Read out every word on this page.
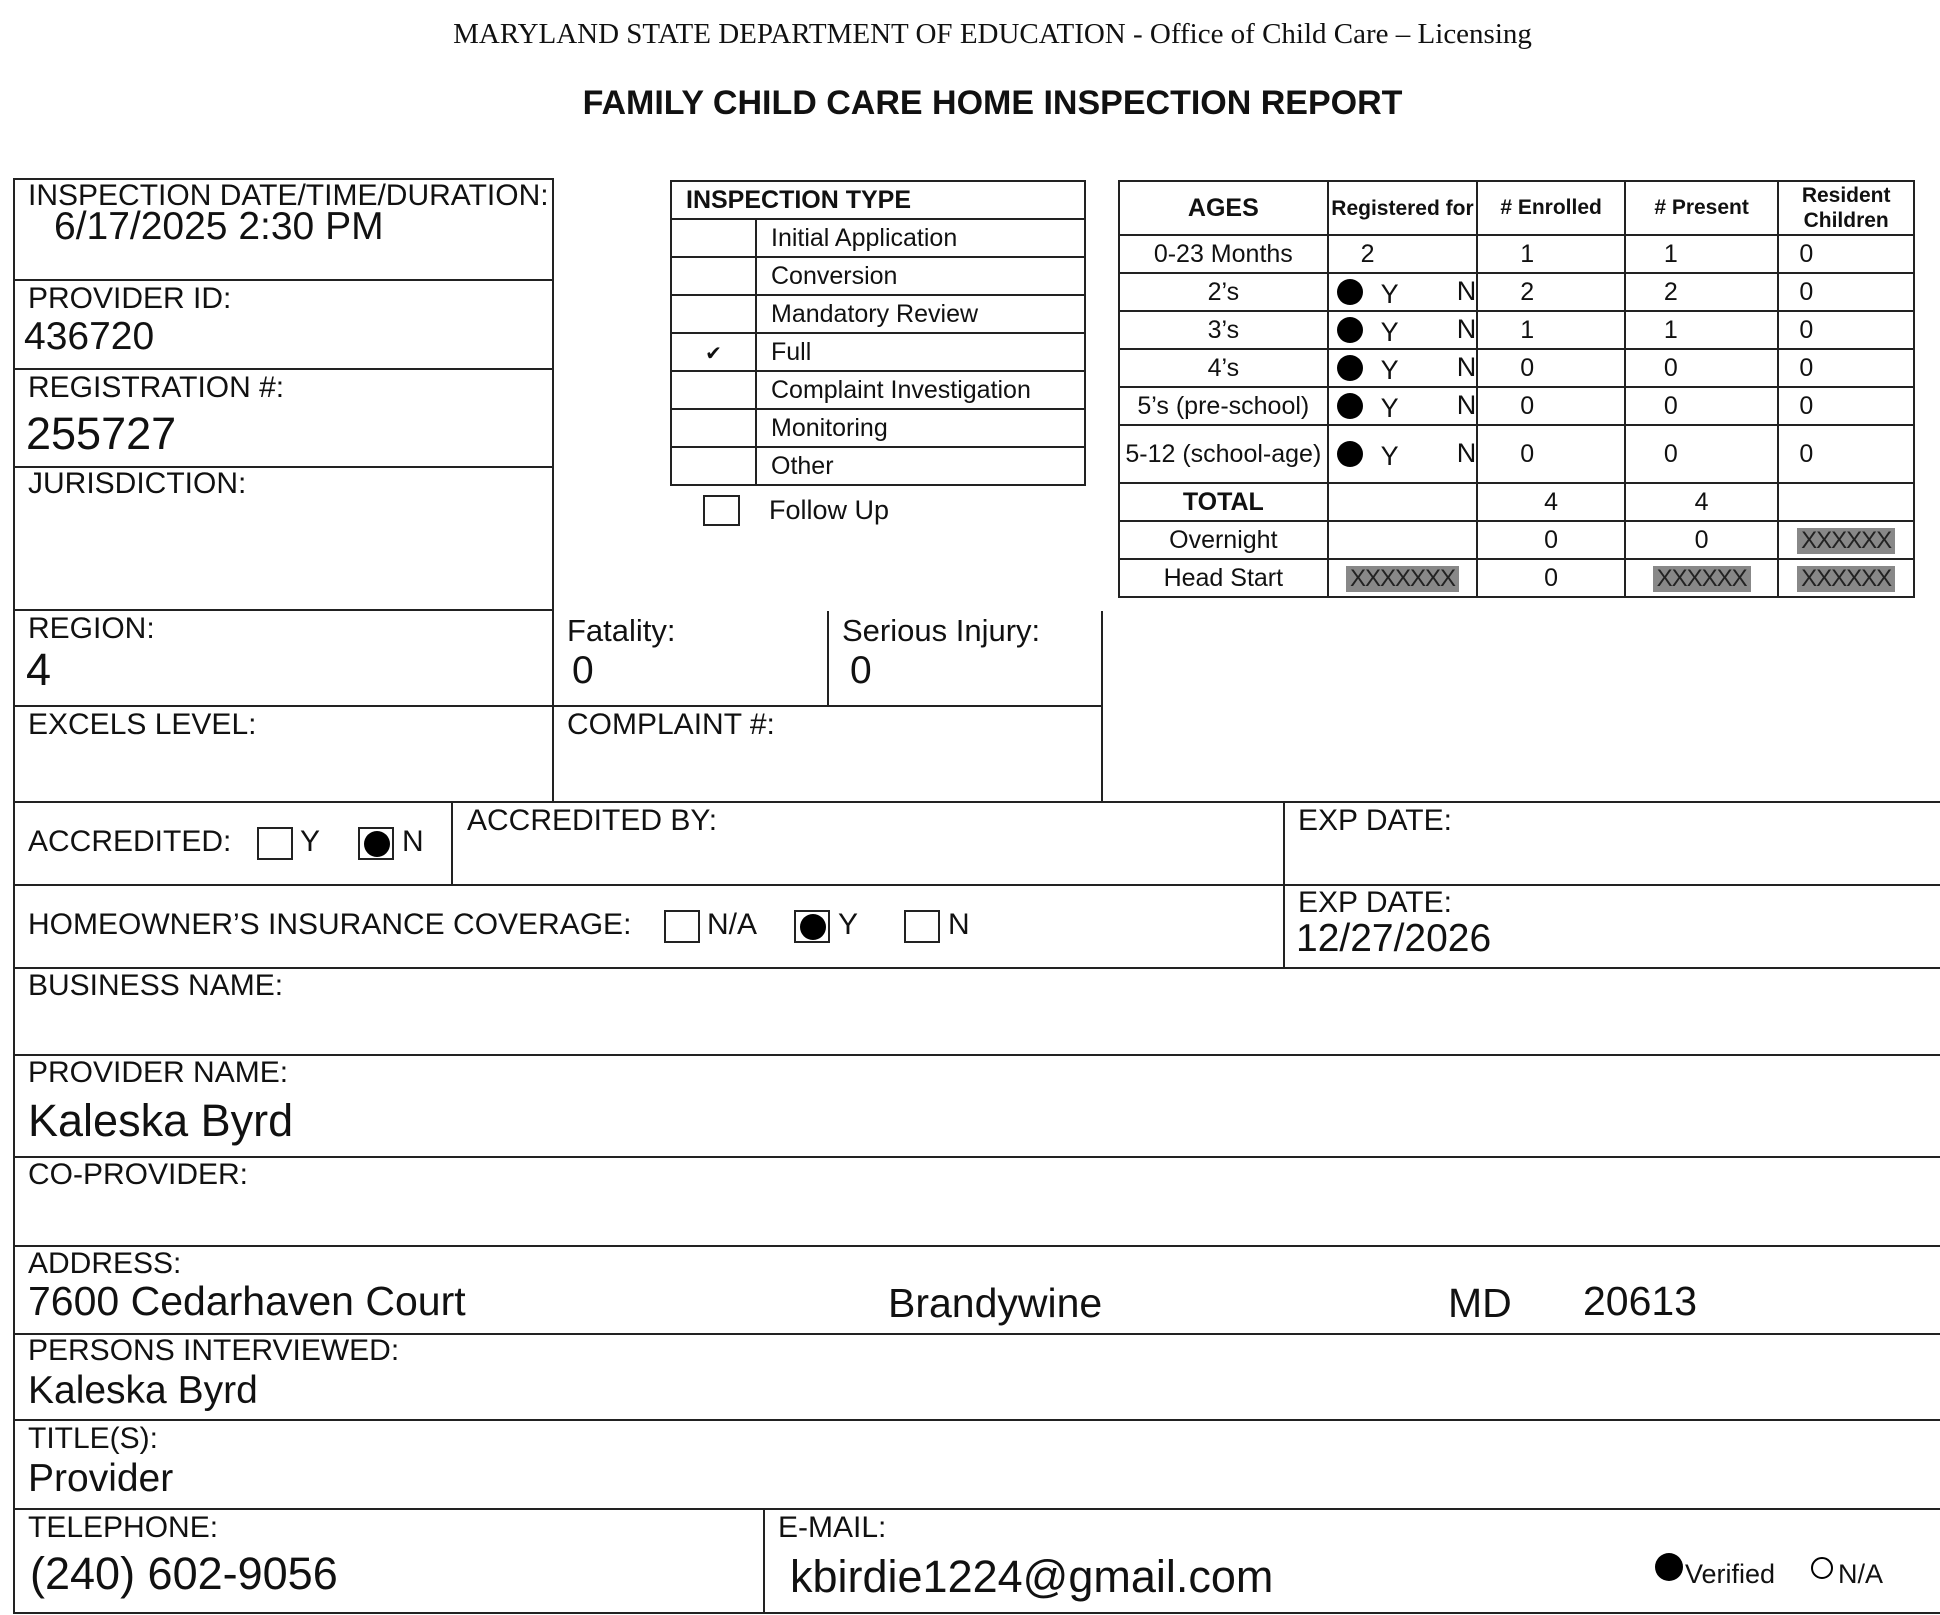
MARYLAND STATE DEPARTMENT OF EDUCATION - Office of Child Care – Licensing
FAMILY CHILD CARE HOME INSPECTION REPORT
INSPECTION DATE/TIME/DURATION:
6/17/2025 2:30 PM
PROVIDER ID:
436720
REGISTRATION #:
255727
JURISDICTION:
INSPECTION TYPE	
	Initial Application
	Conversion
	Mandatory Review
✔	Full
	Complaint Investigation
	Monitoring
	Other
Follow Up
AGES	Registered for	# Enrolled	# Present	Resident Children
0-23 Months	2	1	1	0
2’s	Y N	2	2	0
3’s	Y N	1	1	0
4’s	Y N	0	0	0
5’s (pre-school)	Y N	0	0	0
5-12 (school-age)	Y N	0	0	0
TOTAL		4	4	
Overnight		0	0	XXXXXX
Head Start	XXXXXXX	0	XXXXXX	XXXXXX
REGION:
4
Fatality:
0
Serious Injury:
0
EXCELS LEVEL:	COMPLAINT #:
ACCREDITED: Y	N
ACCREDITED BY:	EXP DATE:
HOMEOWNER’S INSURANCE COVERAGE:	N/A	Y	N
EXP DATE:
12/27/2026
BUSINESS NAME:
PROVIDER NAME:
Kaleska Byrd
CO-PROVIDER:
ADDRESS:
7600 Cedarhaven Court	Brandywine	MD 20613
PERSONS INTERVIEWED:
Kaleska Byrd
TITLE(S):
Provider
TELEPHONE:
(240) 602-9056
E-MAIL:
kbirdie1224@gmail.com	Verified N/A
